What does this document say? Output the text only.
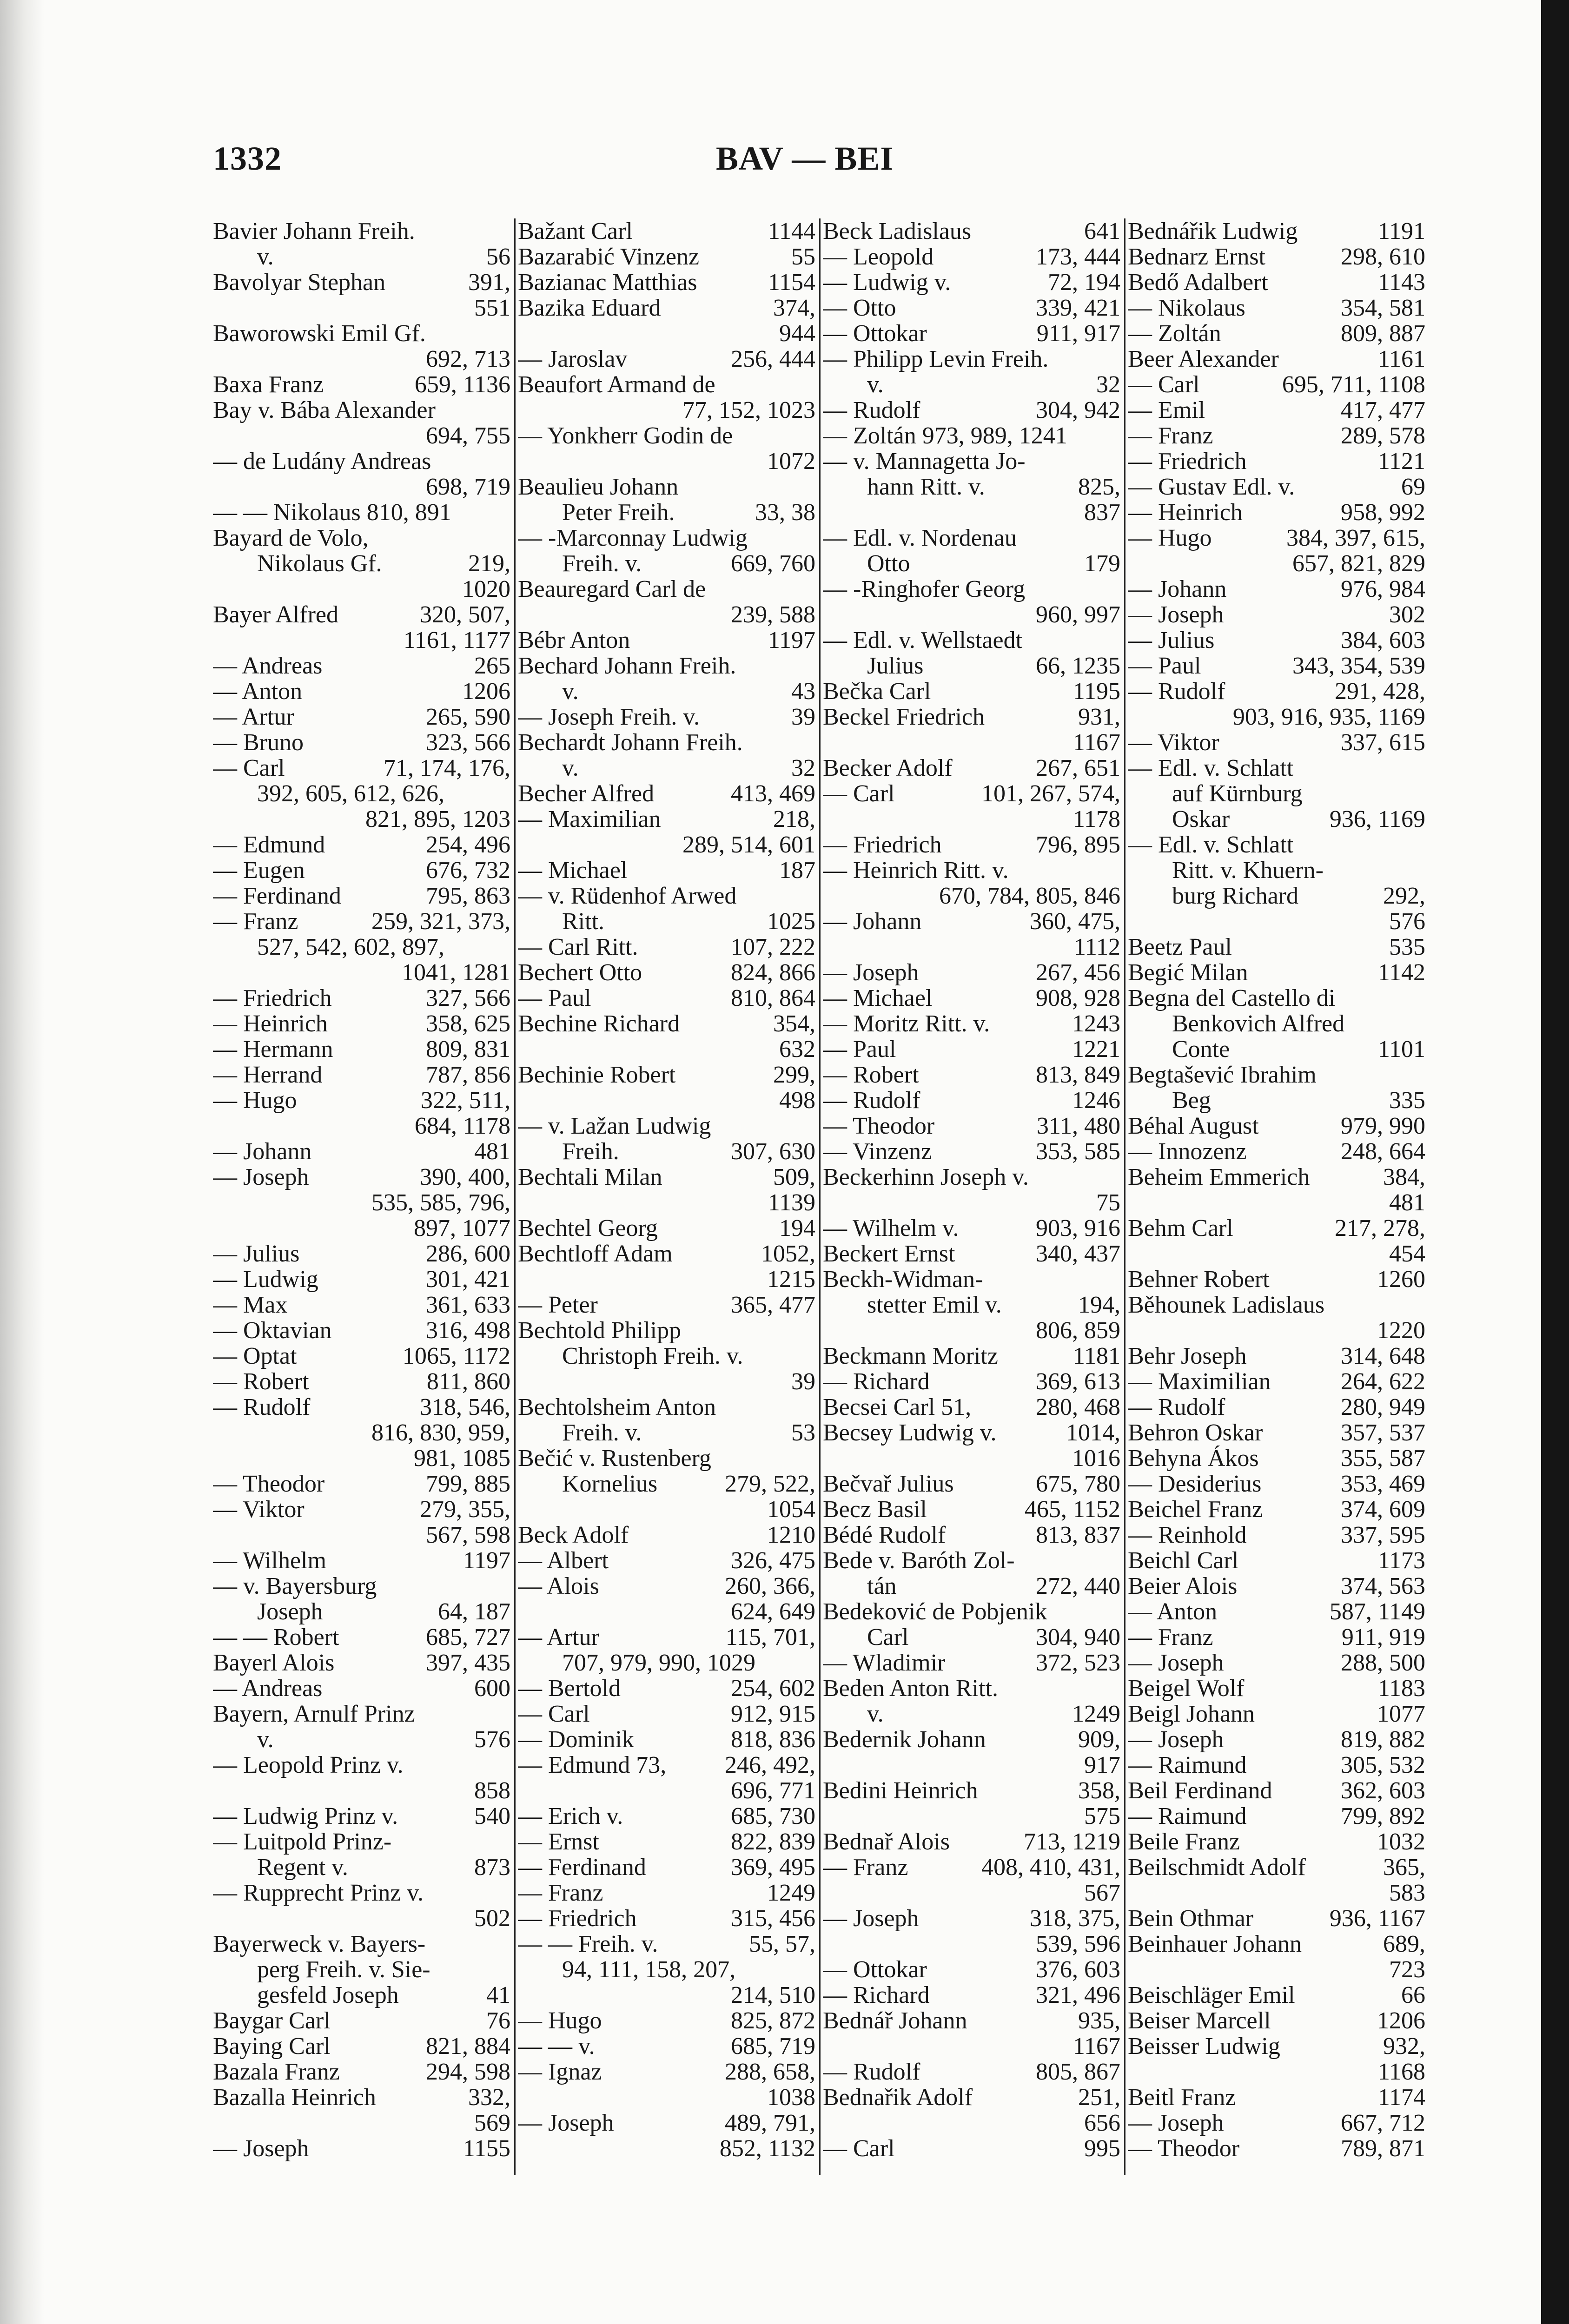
1332	BAV — BEI
Bavier Johann Freih.
v.	56
Bavolyar Stephan	391,
551
Baworowski Emil Gf.
692, 713
Baxa Franz	659, 1136
Bay v. Bába Alexander
694, 755
— de Ludány Andreas
698, 719
— — Nikolaus 810, 891
Bayard de Volo,
Nikolaus Gf.	219,
1020
Bayer Alfred	320, 507,
1161, 1177
— Andreas	265
— Anton	1206
— Artur	265, 590
— Bruno	323, 566
— Carl	71, 174, 176,
392, 605, 612, 626,
821, 895, 1203
— Edmund	254, 496
— Eugen	676, 732
— Ferdinand	795, 863
— Franz	259, 321, 373,
527, 542, 602, 897,
1041, 1281
— Friedrich	327, 566
— Heinrich	358, 625
— Hermann	809, 831
— Herrand	787, 856
— Hugo	322, 511,
684, 1178
— Johann	481
— Joseph	390, 400,
535, 585, 796,
897, 1077
— Julius	286, 600
— Ludwig	301, 421
— Max	361, 633
— Oktavian	316, 498
— Optat	1065, 1172
— Robert	811, 860
— Rudolf	318, 546,
816, 830, 959,
981, 1085
— Theodor	799, 885
— Viktor	279, 355,
567, 598
— Wilhelm	1197
— v. Bayersburg
Joseph	64, 187
— — Robert	685, 727
Bayerl Alois	397, 435
— Andreas	600
Bayern, Arnulf Prinz
v.	576
— Leopold Prinz v.
858
— Ludwig Prinz v.	540
— Luitpold Prinz-
Regent v.	873
— Rupprecht Prinz v.
502
Bayerweck v. Bayers-
perg Freih. v. Sie-
gesfeld Joseph	41
Baygar Carl	76
Baying Carl	821, 884
Bazala Franz	294, 598
Bazalla Heinrich	332,
569
— Joseph	1155
Bažant Carl	1144
Bazarabić Vinzenz	55
Bazianac Matthias	1154
Bazika Eduard	374,
944
— Jaroslav	256, 444
Beaufort Armand de
77, 152, 1023
— Yonkherr Godin de
1072
Beaulieu Johann
Peter Freih.	33, 38
— -Marconnay Ludwig
Freih. v.	669, 760
Beauregard Carl de
239, 588
Bébr Anton	1197
Bechard Johann Freih.
v.	43
— Joseph Freih. v.	39
Bechardt Johann Freih.
v.	32
Becher Alfred	413, 469
— Maximilian	218,
289, 514, 601
— Michael	187
— v. Rüdenhof Arwed
Ritt.	1025
— Carl Ritt.	107, 222
Bechert Otto	824, 866
— Paul	810, 864
Bechine Richard	354,
632
Bechinie Robert	299,
498
— v. Lažan Ludwig
Freih.	307, 630
Bechtali Milan	509,
1139
Bechtel Georg	194
Bechtloff Adam	1052,
1215
— Peter	365, 477
Bechtold Philipp
Christoph Freih. v.
39
Bechtolsheim Anton
Freih. v.	53
Bečić v. Rustenberg
Kornelius	279, 522,
1054
Beck Adolf	1210
— Albert	326, 475
— Alois	260, 366,
624, 649
— Artur	115, 701,
707, 979, 990, 1029
— Bertold	254, 602
— Carl	912, 915
— Dominik	818, 836
— Edmund 73, 246, 492,
696, 771
— Erich v.	685, 730
— Ernst	822, 839
— Ferdinand	369, 495
— Franz	1249
— Friedrich	315, 456
— — Freih. v.	55, 57,
94, 111, 158, 207,
214, 510
— Hugo	825, 872
— — v.	685, 719
— Ignaz	288, 658,
1038
— Joseph	489, 791,
852, 1132
Beck Ladislaus	641
— Leopold	173, 444
— Ludwig v.	72, 194
— Otto	339, 421
— Ottokar	911, 917
— Philipp Levin Freih.
v.	32
— Rudolf	304, 942
— Zoltán 973, 989, 1241
— v. Mannagetta Jo-
hann Ritt. v.	825,
837
— Edl. v. Nordenau
Otto	179
— -Ringhofer Georg
960, 997
— Edl. v. Wellstaedt
Julius	66, 1235
Bečka Carl	1195
Beckel Friedrich	931,
1167
Becker Adolf	267, 651
— Carl	101, 267, 574,
1178
— Friedrich	796, 895
— Heinrich Ritt. v.
670, 784, 805, 846
— Johann	360, 475,
1112
— Joseph	267, 456
— Michael	908, 928
— Moritz Ritt. v.	1243
— Paul	1221
— Robert	813, 849
— Rudolf	1246
— Theodor	311, 480
— Vinzenz	353, 585
Beckerhinn Joseph v.
75
— Wilhelm v.	903, 916
Beckert Ernst	340, 437
Beckh-Widman-
stetter Emil v.	194,
806, 859
Beckmann Moritz	1181
— Richard	369, 613
Becsei Carl 51,	280, 468
Becsey Ludwig v.	1014,
1016
Bečvař Julius	675, 780
Becz Basil	465, 1152
Bédé Rudolf	813, 837
Bede v. Baróth Zol-
tán	272, 440
Bedeković de Pobjenik
Carl	304, 940
— Wladimir	372, 523
Beden Anton Ritt.
v.	1249
Bedernik Johann	909,
917
Bedini Heinrich	358,
575
Bednař Alois	713, 1219
— Franz	408, 410, 431,
567
— Joseph	318, 375,
539, 596
— Ottokar	376, 603
— Richard	321, 496
Bednář Johann	935,
1167
— Rudolf	805, 867
Bednařik Adolf	251,
656
— Carl	995
Bednářik Ludwig	1191
Bednarz Ernst	298, 610
Bedő Adalbert	1143
— Nikolaus	354, 581
— Zoltán	809, 887
Beer Alexander	1161
— Carl	695, 711, 1108
— Emil	417, 477
— Franz	289, 578
— Friedrich	1121
— Gustav Edl. v.	69
— Heinrich	958, 992
— Hugo	384, 397, 615,
657, 821, 829
— Johann	976, 984
— Joseph	302
— Julius	384, 603
— Paul	343, 354, 539
— Rudolf	291, 428,
903, 916, 935, 1169
— Viktor	337, 615
— Edl. v. Schlatt
auf Kürnburg
Oskar	936, 1169
— Edl. v. Schlatt
Ritt. v. Khuern-
burg Richard	292,
576
Beetz Paul	535
Begić Milan	1142
Begna del Castello di
Benkovich Alfred
Conte	1101
Begtašević Ibrahim
Beg	335
Béhal August	979, 990
— Innozenz	248, 664
Beheim Emmerich	384,
481
Behm Carl	217, 278,
454
Behner Robert	1260
Běhounek Ladislaus
1220
Behr Joseph	314, 648
— Maximilian	264, 622
— Rudolf	280, 949
Behron Oskar	357, 537
Behyna Ákos	355, 587
— Desiderius	353, 469
Beichel Franz	374, 609
— Reinhold	337, 595
Beichl Carl	1173
Beier Alois	374, 563
— Anton	587, 1149
— Franz	911, 919
— Joseph	288, 500
Beigel Wolf	1183
Beigl Johann	1077
— Joseph	819, 882
— Raimund	305, 532
Beil Ferdinand	362, 603
— Raimund	799, 892
Beile Franz	1032
Beilschmidt Adolf	365,
583
Bein Othmar	936, 1167
Beinhauer Johann	689,
723
Beischläger Emil	66
Beiser Marcell	1206
Beisser Ludwig	932,
1168
Beitl Franz	1174
— Joseph	667, 712
— Theodor	789, 871
